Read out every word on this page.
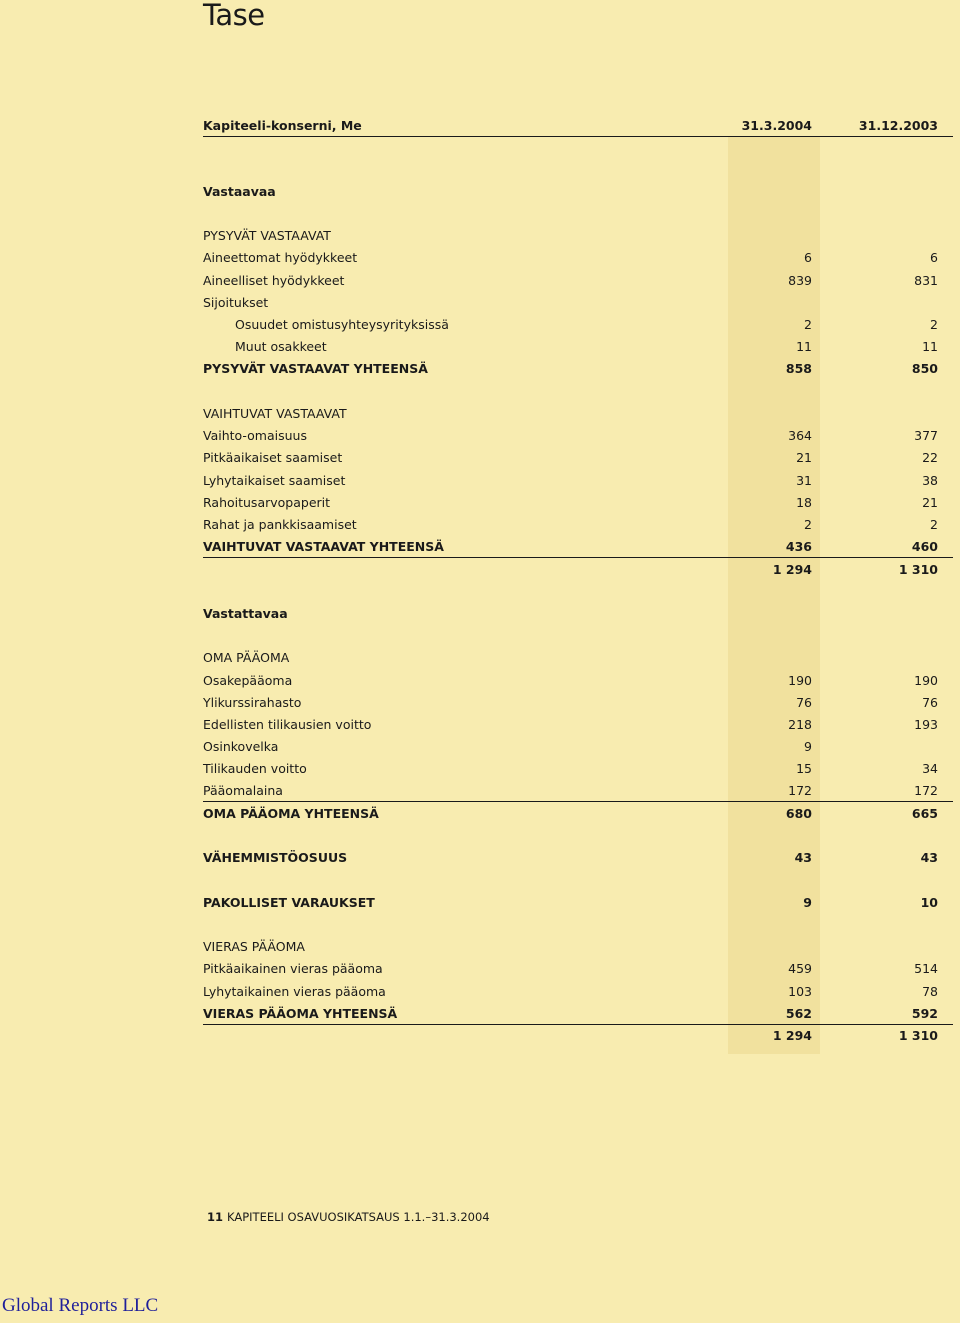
Tase
Kapiteeli-konserni, Me	31.3.2004	31.12.2003
Vastaavaa
PYSYVÄT VASTAAVAT
Aineettomat hyödykkeet	6	6
Aineelliset hyödykkeet	839	831
Sijoitukset
Osuudet omistusyhteysyrityksissä	2	2
Muut osakkeet	11	11
PYSYVÄT VASTAAVAT YHTEENSÄ	858	850
VAIHTUVAT VASTAAVAT
Vaihto-omaisuus	364	377
Pitkäaikaiset saamiset	21	22
Lyhytaikaiset saamiset	31	38
Rahoitusarvopaperit	18	21
Rahat ja pankkisaamiset	2	2
VAIHTUVAT VASTAAVAT YHTEENSÄ	436	460
1 294	1 310
Vastattavaa
OMA PÄÄOMA
Osakepääoma	190	190
Ylikurssirahasto	76	76
Edellisten tilikausien voitto	218	193
Osinkovelka	9
Tilikauden voitto	15	34
Pääomalaina	172	172
OMA PÄÄOMA YHTEENSÄ	680	665
VÄHEMMISTÖOSUUS	43	43
PAKOLLISET VARAUKSET	9	10
VIERAS PÄÄOMA
Pitkäaikainen vieras pääoma	459	514
Lyhytaikainen vieras pääoma	103	78
VIERAS PÄÄOMA YHTEENSÄ	562	592
1 294	1 310
11 KAPITEELI OSAVUOSIKATSAUS 1.1.–31.3.2004
Global Reports LLC
